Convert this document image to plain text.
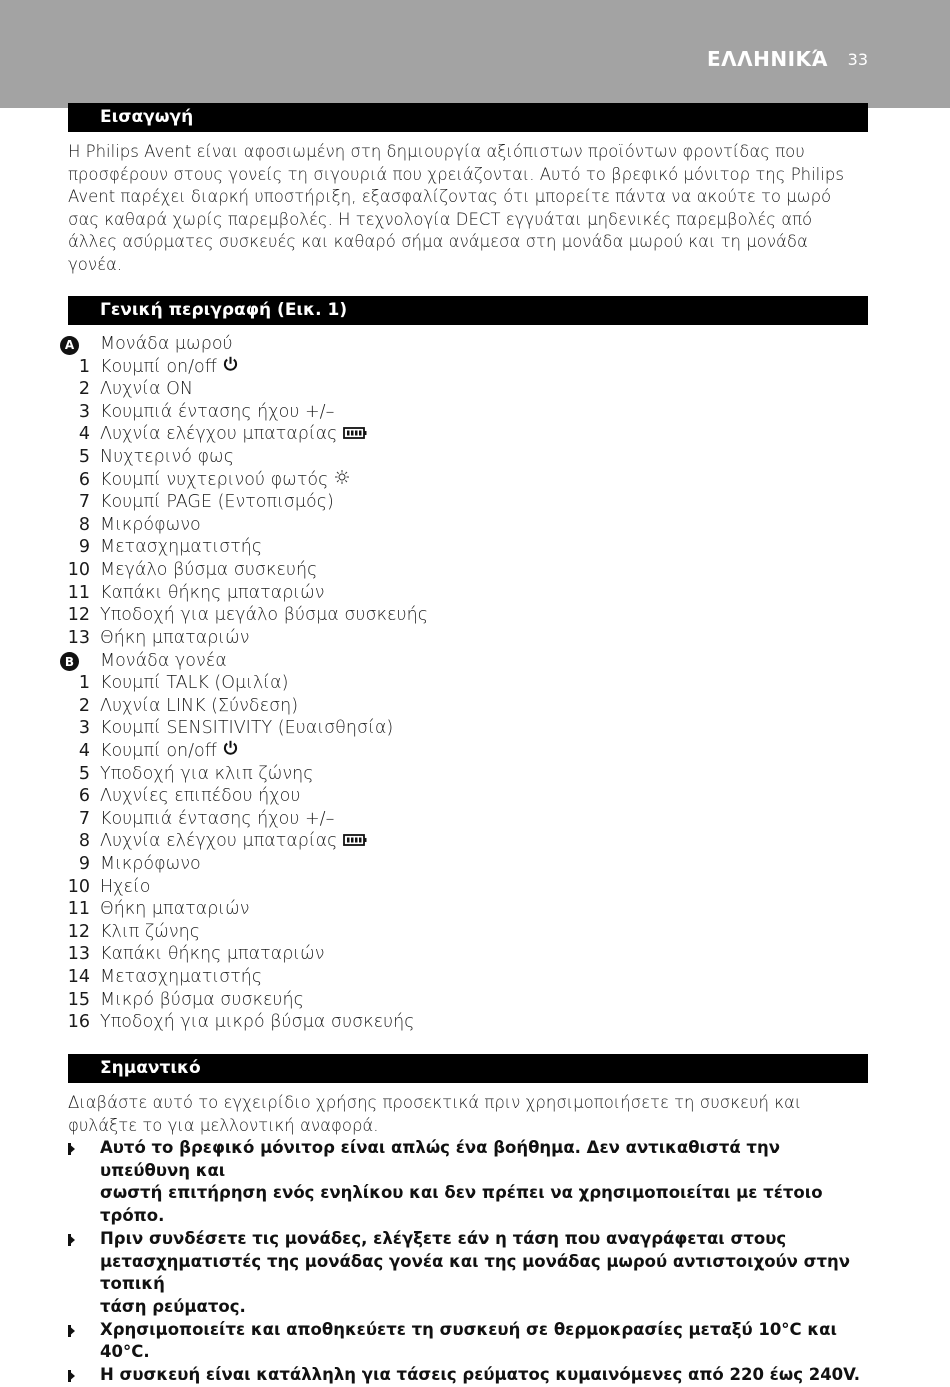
ΕΛΛΗΝΙΚΆ 33
Εισαγωγή
Η Philips Avent είναι αφοσιωμένη στη δημιουργία αξιόπιστων προϊόντων φροντίδας που
προσφέρουν στους γονείς τη σιγουριά που χρειάζονται. Αυτό το βρεφικό μόνιτορ της Philips
Avent παρέχει διαρκή υποστήριξη, εξασφαλίζοντας ότι μπορείτε πάντα να ακούτε το μωρό
σας καθαρά χωρίς παρεμβολές. Η τεχνολογία DECT εγγυάται μηδενικές παρεμβολές από
άλλες ασύρματες συσκευές και καθαρό σήμα ανάμεσα στη μονάδα μωρού και τη μονάδα
γονέα.
Γενική περιγραφή (Εικ. 1)
A	Μονάδα μωρού
1 Κουμπί on/off
2 Λυχνία ON
3 Κουμπιά έντασης ήχου +/–
4 Λυχνία ελέγχου μπαταρίας
5 Νυχτερινό φως
6 Κουμπί νυχτερινού φωτός
7 Κουμπί PAGE (Εντοπισμός)
8 Μικρόφωνο
9 Μετασχηματιστής
10 Μεγάλο βύσμα συσκευής
11 Καπάκι θήκης μπαταριών
12 Υποδοχή για μεγάλο βύσμα συσκευής
13 Θήκη μπαταριών
B	Μονάδα γονέα
1 Κουμπί TALK (Ομιλία)
2 Λυχνία LINK (Σύνδεση)
3 Κουμπί SENSITIVITY (Ευαισθησία)
4 Κουμπί on/off
5 Υποδοχή για κλιπ ζώνης
6 Λυχνίες επιπέδου ήχου
7 Κουμπιά έντασης ήχου +/–
8 Λυχνία ελέγχου μπαταρίας
9 Μικρόφωνο
10 Ηχείο
11 Θήκη μπαταριών
12 Κλιπ ζώνης
13 Καπάκι θήκης μπαταριών
14 Μετασχηματιστής
15 Μικρό βύσμα συσκευής
16 Υποδοχή για μικρό βύσμα συσκευής
Σημαντικό
Διαβάστε αυτό το εγχειρίδιο χρήσης προσεκτικά πριν χρησιμοποιήσετε τη συσκευή και
φυλάξτε το για μελλοντική αναφορά.
Αυτό το βρεφικό μόνιτορ είναι απλώς ένα βοήθημα. Δεν αντικαθιστά την υπεύθυνη και
σωστή επιτήρηση ενός ενηλίκου και δεν πρέπει να χρησιμοποιείται με τέτοιο τρόπο.
Πριν συνδέσετε τις μονάδες, ελέγξετε εάν η τάση που αναγράφεται στους
μετασχηματιστές της μονάδας γονέα και της μονάδας μωρού αντιστοιχούν στην τοπική
τάση ρεύματος.
Χρησιμοποιείτε και αποθηκεύετε τη συσκευή σε θερμοκρασίες μεταξύ 10°C και 40°C.
Η συσκευή είναι κατάλληλη για τάσεις ρεύματος κυμαινόμενες από 220 έως 240V.
